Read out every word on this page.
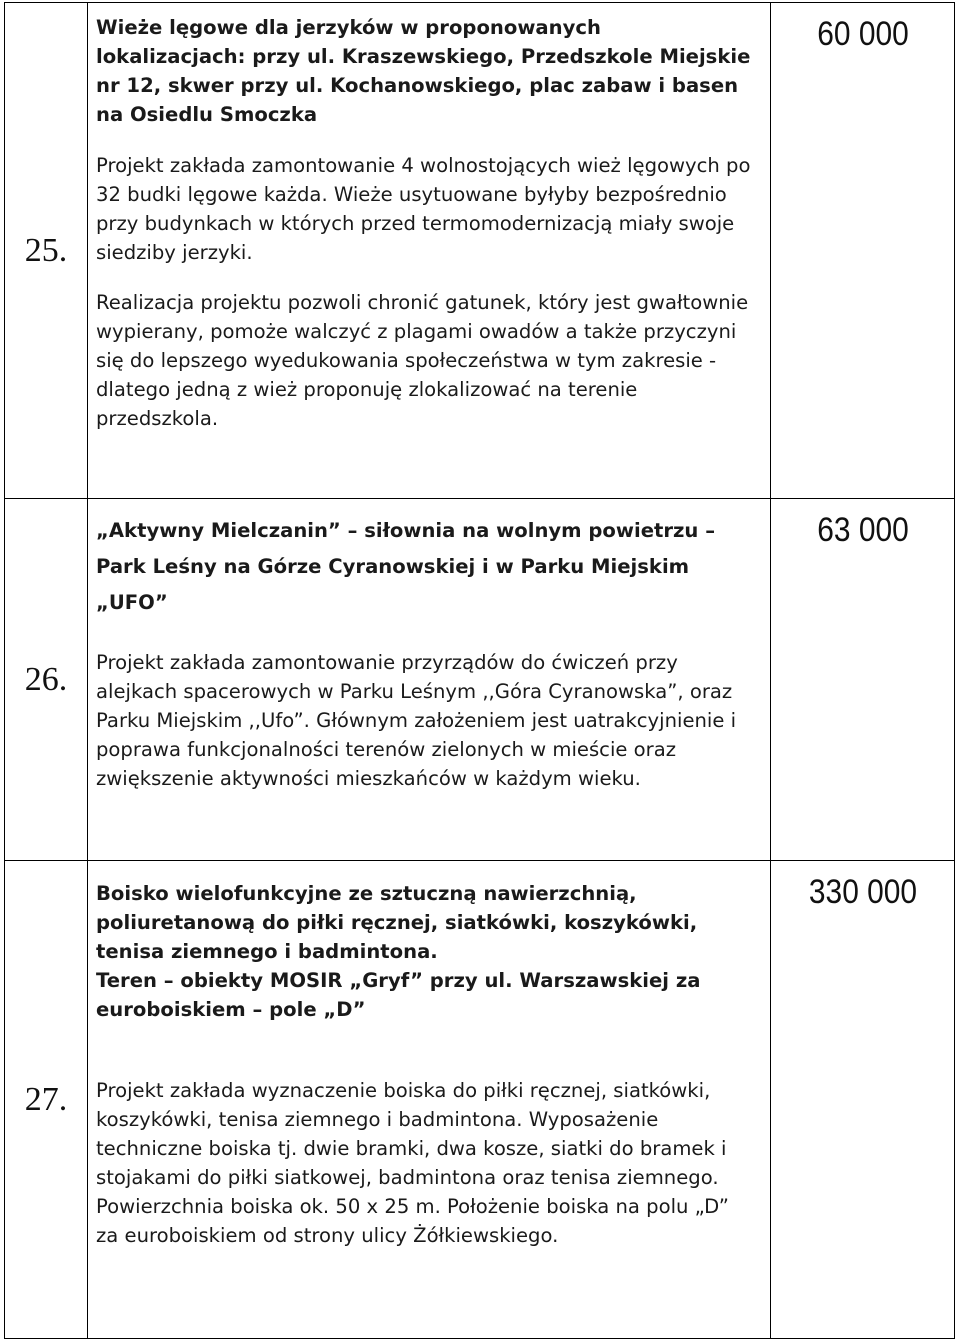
25.	Wieże lęgowe dla jerzyków w proponowanych lokalizacjach: przy ul. Kraszewskiego, Przedszkole Miejskie nr 12, skwer przy ul. Kochanowskiego, plac zabaw i basen na Osiedlu Smoczka

Projekt zakłada zamontowanie 4 wolnostojących wież lęgowych po 32 budki lęgowe każda. Wieże usytuowane byłyby bezpośrednio przy budynkach w których przed termomodernizacją miały swoje siedziby jerzyki.

Realizacja projektu pozwoli chronić gatunek, który jest gwałtownie wypierany, pomoże walczyć z plagami owadów a także przyczyni się do lepszego wyedukowania społeczeństwa w tym zakresie - dlatego jedną z wież proponuję zlokalizować na terenie przedszkola.	60 000
26.	„Aktywny Mielczanin” – siłownia na wolnym powietrzu – Park Leśny na Górze Cyranowskiej i w Parku Miejskim „UFO”

Projekt zakłada zamontowanie przyrządów do ćwiczeń przy alejkach spacerowych w Parku Leśnym ,,Góra Cyranowska”, oraz Parku Miejskim ,,Ufo”. Głównym założeniem jest uatrakcyjnienie i poprawa funkcjonalności terenów zielonych w mieście oraz zwiększenie aktywności mieszkańców w każdym wieku.	63 000
27.	Boisko wielofunkcyjne ze sztuczną nawierzchnią, poliuretanową do piłki ręcznej, siatkówki, koszykówki, tenisa ziemnego i badmintona.

Teren – obiekty MOSIR „Gryf” przy ul. Warszawskiej za euroboiskiem – pole „D”

Projekt zakłada wyznaczenie boiska do piłki ręcznej, siatkówki, koszykówki, tenisa ziemnego i badmintona. Wyposażenie techniczne boiska tj. dwie bramki, dwa kosze, siatki do bramek i stojakami do piłki siatkowej, badmintona oraz tenisa ziemnego. Powierzchnia boiska ok. 50 x 25 m. Położenie boiska na polu „D” za euroboiskiem od strony ulicy Żółkiewskiego.	330 000
